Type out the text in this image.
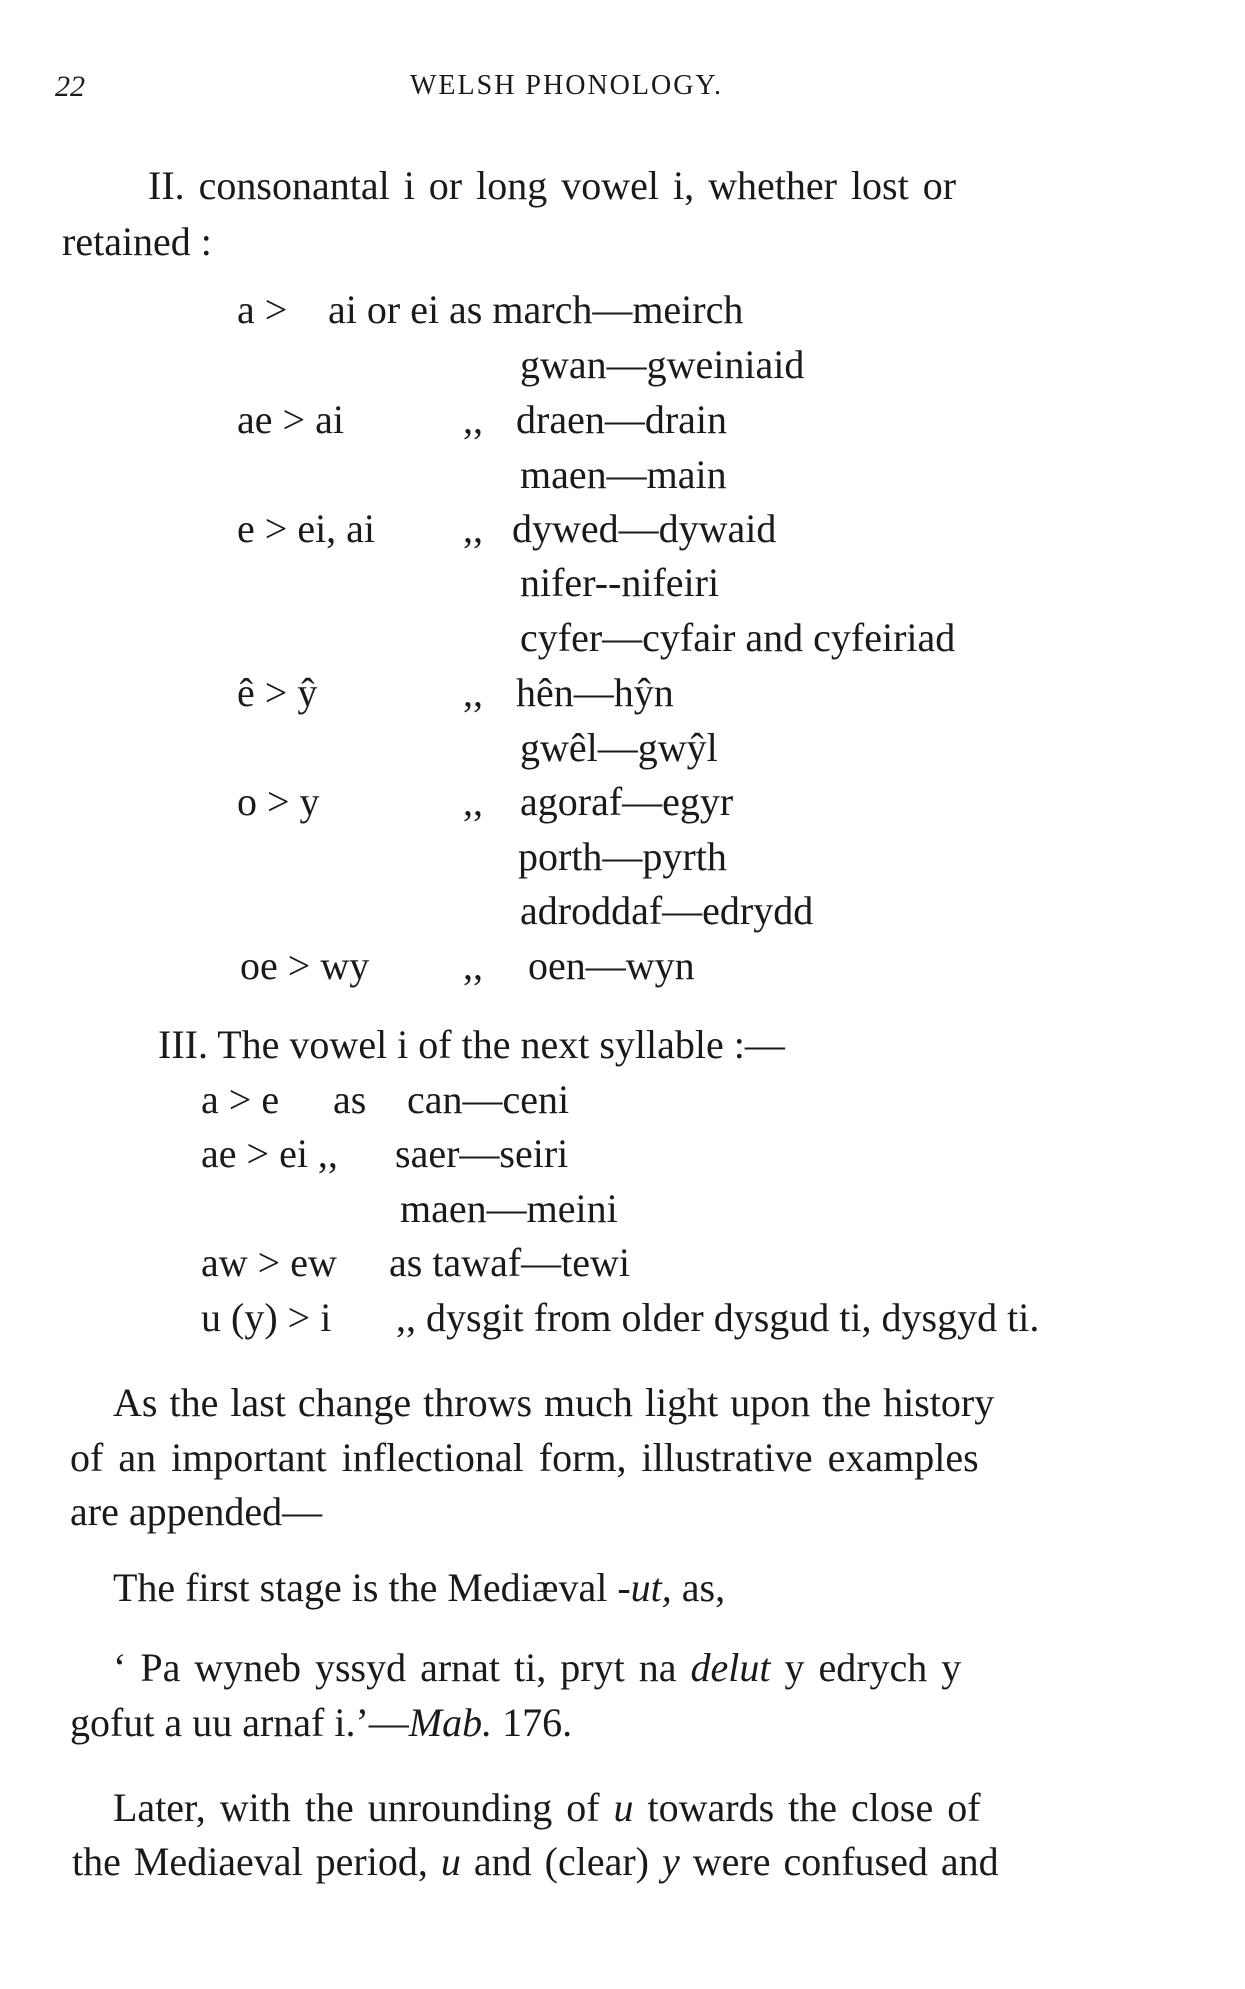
22	WELSH PHONOLOGY.
II. consonantal i or long vowel i, whether lost or
retained :
a > ai or ei as march—meirch
gwan—gweiniaid
ae > ai	,, draen—drain
maen—main
e > ei, ai ,, dywed—dywaid
nifer--nifeiri
cyfer—cyfair and cyfeiriad
ê > ŷ	,, hên—hŷn
gwêl—gwŷl
o > y	,, agoraf—egyr
porth—pyrth
adroddaf—edrydd
oe > wy ,, oen—wyn
III. The vowel i of the next syllable :—
a > e as can—ceni
ae > ei ,, saer—seiri
maen—meini
aw > ew as tawaf—tewi
u (y) > i ,, dysgit from older dysgud ti, dysgyd ti.
As the last change throws much light upon the history
of an important inflectional form, illustrative examples
are appended—
The first stage is the Mediæval -ut, as,
‘ Pa wyneb yssyd arnat ti, pryt na delut y edrych y
gofut a uu arnaf i.’—Mab. 176.
Later, with the unrounding of u towards the close of
the Mediaeval period, u and (clear) y were confused and
